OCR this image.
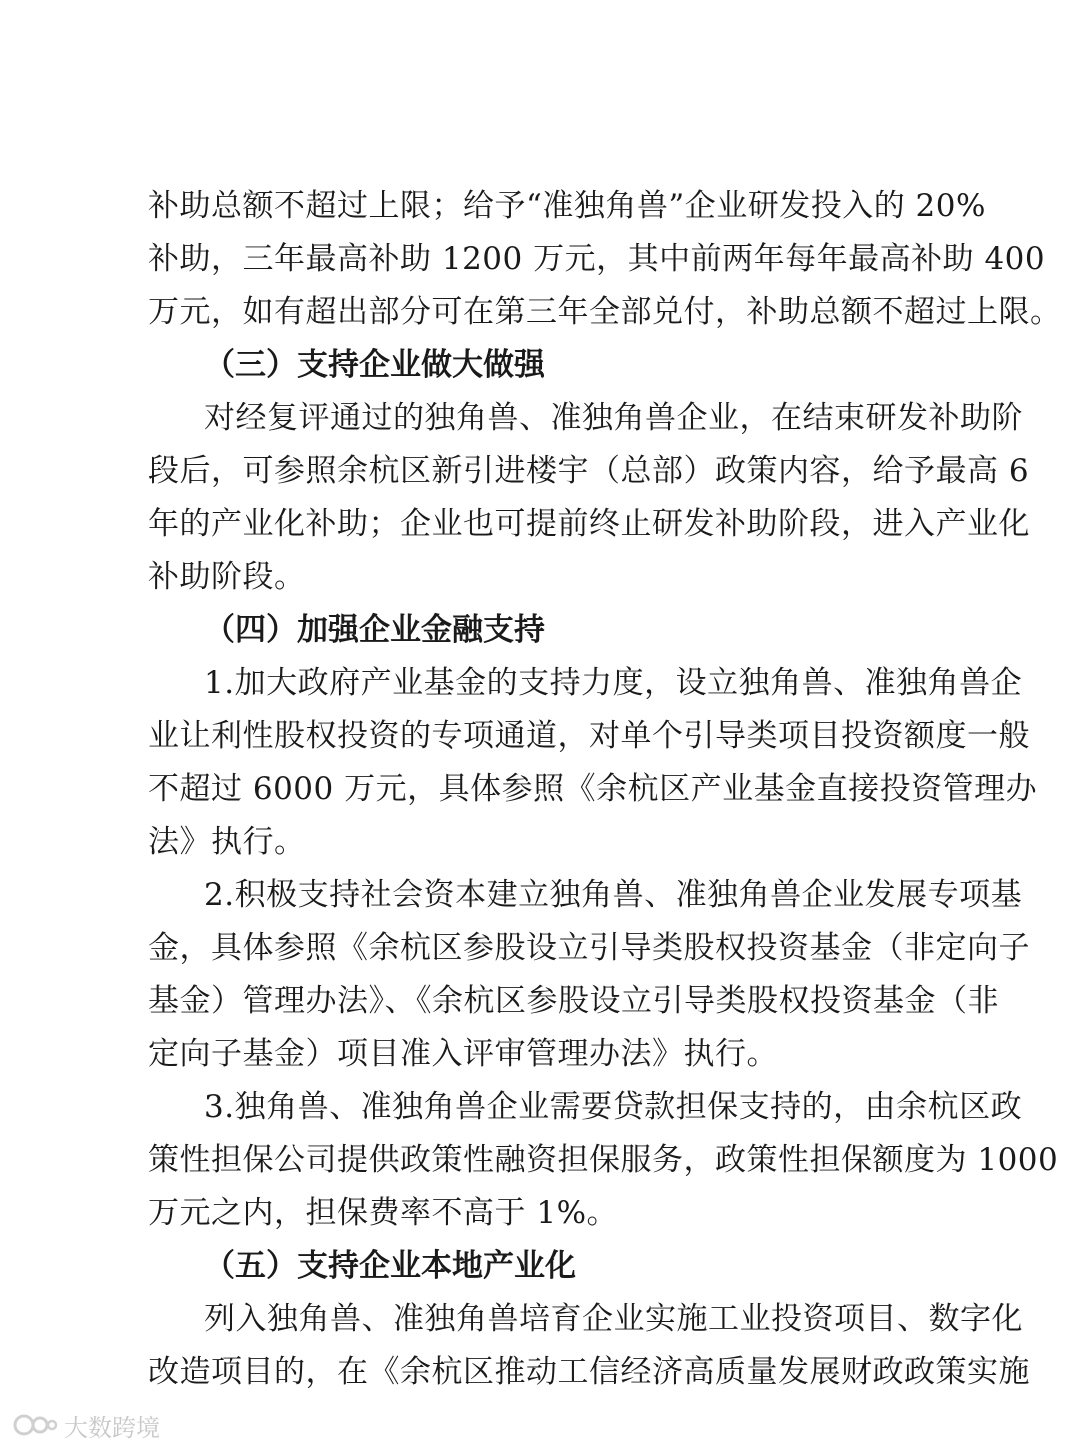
补助总额不超过上限；给予“准独角兽”企业研发投入的 20%
补助，三年最高补助 1200 万元，其中前两年每年最高补助 400
万元，如有超出部分可在第三年全部兑付，补助总额不超过上限。
（三）支持企业做大做强
对经复评通过的独角兽、准独角兽企业，在结束研发补助阶
段后，可参照余杭区新引进楼宇（总部）政策内容，给予最高 6
年的产业化补助；企业也可提前终止研发补助阶段，进入产业化
补助阶段。
（四）加强企业金融支持
1.加大政府产业基金的支持力度，设立独角兽、准独角兽企
业让利性股权投资的专项通道，对单个引导类项目投资额度一般
不超过 6000 万元，具体参照《余杭区产业基金直接投资管理办
法》执行。
2.积极支持社会资本建立独角兽、准独角兽企业发展专项基
金，具体参照《余杭区参股设立引导类股权投资基金（非定向子
基金）管理办法》、《余杭区参股设立引导类股权投资基金（非
定向子基金）项目准入评审管理办法》执行。
3.独角兽、准独角兽企业需要贷款担保支持的，由余杭区政
策性担保公司提供政策性融资担保服务，政策性担保额度为 1000
万元之内，担保费率不高于 1%。
（五）支持企业本地产业化
列入独角兽、准独角兽培育企业实施工业投资项目、数字化
改造项目的，在《余杭区推动工信经济高质量发展财政政策实施
大数跨境
